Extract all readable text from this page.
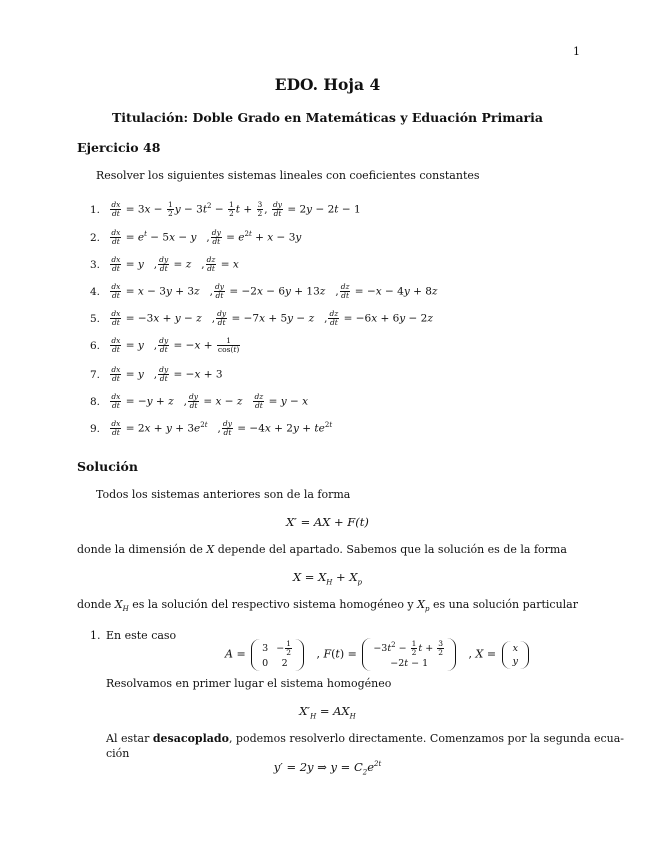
1
EDO. Hoja 4
Titulación: Doble Grado en Matemáticas y Eduación Primaria
Ejercicio 48
Resolver los siguientes sistemas lineales con coeficientes constantes
1. $\frac{dx}{dt} = 3x - \frac{1}{2}$ $y - 3t^2 - \frac{1}{2}$ $t + \frac{3}{2}$ , $\frac{dy}{dt} = 2y - 2t - 1$
2. $\frac{dx}{dt} = e^t - 5x - y$   , $\frac{dy}{dt} = e^{2t} + x - 3y$
3. $\frac{dx}{dt} = y$   , $\frac{dy}{dt} = z$   , $\frac{dz}{dt} = x$
4. $\frac{dx}{dt} = x - 3y + 3z$   , $\frac{dy}{dt} = -2x - 6y + 13z$   , $\frac{dz}{dt} = -x - 4y + 8z$
5. $\frac{dx}{dt} = -3x + y - z$   , $\frac{dy}{dt} = -7x + 5y - z$   , $\frac{dz}{dt} = -6x + 6y - 2z$
6. $\frac{dx}{dt} = y$   , $\frac{dy}{dt} = -x + \frac{1}{\cos(t)}$
7. $\frac{dx}{dt} = y$   , $\frac{dy}{dt} = -x + 3$
8. $\frac{dx}{dt} = -y + z$   , $\frac{dy}{dt} = x - z \frac{dz}{dt} = y - x$
9. $\frac{dx}{dt} = 2x + y + 3e^{2t}$   , $\frac{dy}{dt} = -4x + 2y + te^{2t}$
Solución
Todos los sistemas anteriores son de la forma
X′ = AX + F(t)
donde la dimensión de X depende del apartado. Sabemos que la solución es de la forma
$X = X_H + X_p$
donde $X_H$ es la solución del respectivo sistema homogéneo y $X_p$ es una solución particular
1. En este caso
A = 3	− $\frac{1}{2}$

0	2
, $F(t) = -3t^2 - \frac{1}{2}$ $t + \frac{3}{2}$

−2t − 1
, X = x
y
Resolvamos en primer lugar el sistema homogéneo
$X'_H = AX_H$
Al estar desacoplado, podemos resolverlo directamente. Comenzamos por la segunda ecua-
ción
y′ = 2y ⇒ $y = C_2e^{2t}$
